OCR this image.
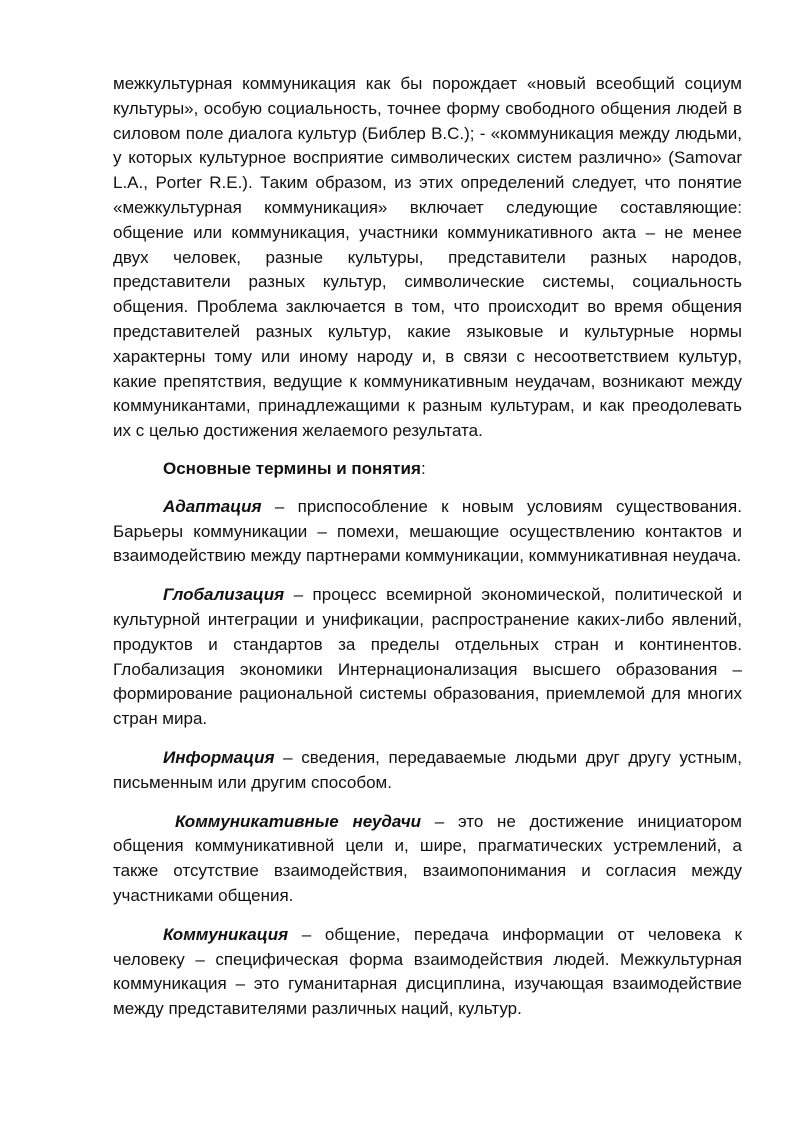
межкультурная коммуникация как бы порождает «новый всеобщий социум культуры», особую социальность, точнее форму свободного общения людей в силовом поле диалога культур (Библер В.С.); - «коммуникация между людьми, у которых культурное восприятие символических систем различно» (Samovar L.A., Porter R.E.). Таким образом, из этих определений следует, что понятие «межкультурная коммуникация» включает следующие составляющие: общение или коммуникация, участники коммуникативного акта – не менее двух человек, разные культуры, представители разных народов, представители разных культур, символические системы, социальность общения. Проблема заключается в том, что происходит во время общения представителей разных культур, какие языковые и культурные нормы характерны тому или иному народу и, в связи с несоответствием культур, какие препятствия, ведущие к коммуникативным неудачам, возникают между коммуникантами, принадлежащими к разным культурам, и как преодолевать их с целью достижения желаемого результата.

Основные термины и понятия:

Адаптация – приспособление к новым условиям существования. Барьеры коммуникации – помехи, мешающие осуществлению контактов и взаимодействию между партнерами коммуникации, коммуникативная неудача.

Глобализация – процесс всемирной экономической, политической и культурной интеграции и унификации, распространение каких-либо явлений, продуктов и стандартов за пределы отдельных стран и континентов. Глобализация экономики Интернационализация высшего образования – формирование рациональной системы образования, приемлемой для многих стран мира.

Информация – сведения, передаваемые людьми друг другу устным, письменным или другим способом.

Коммуникативные неудачи – это не достижение инициатором общения коммуникативной цели и, шире, прагматических устремлений, а также отсутствие взаимодействия, взаимопонимания и согласия между участниками общения.

Коммуникация – общение, передача информации от человека к человеку – специфическая форма взаимодействия людей. Межкультурная коммуникация – это гуманитарная дисциплина, изучающая взаимодействие между представителями различных наций, культур.
